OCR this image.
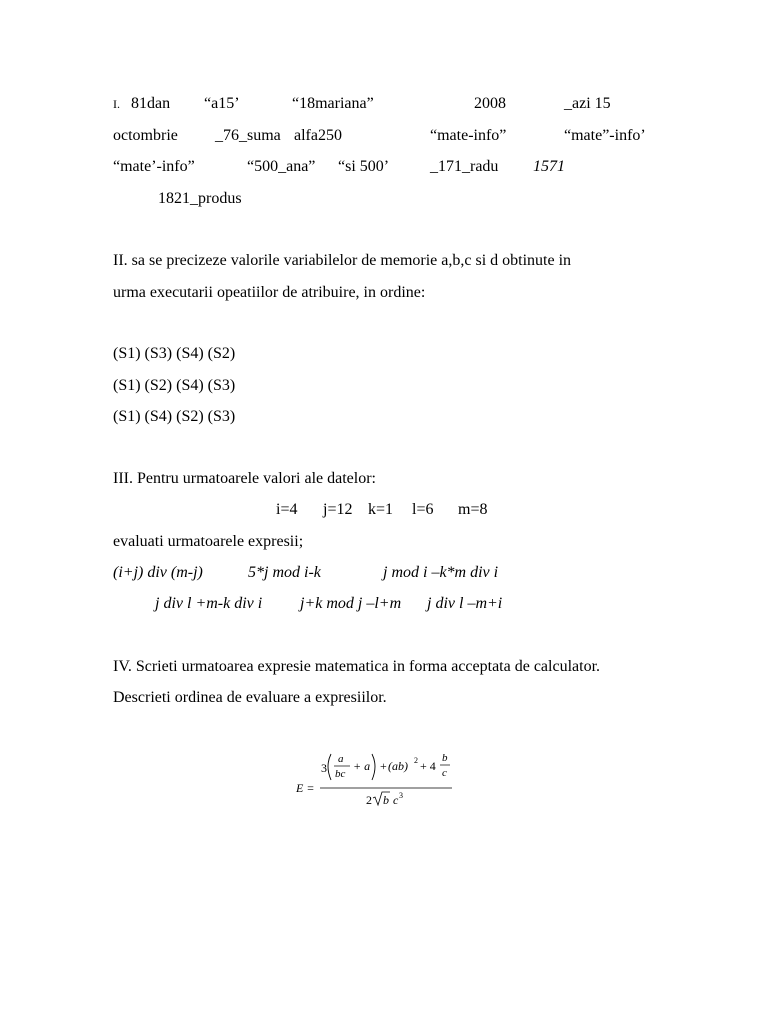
I. 81dan “a15’	“18mariana”	2008	_azi 15
octombrie _76_suma alfa250	“mate-info”	“mate”-info’
“mate’-info”	“500_ana” “si 500’	_171_radu 1571
1821_produs
II. sa se precizeze valorile variabilelor de memorie a,b,c si d obtinute in
urma executarii opeatiilor de atribuire, in ordine:
(S1) (S3) (S4) (S2)
(S1) (S2) (S4) (S3)
(S1) (S4) (S2) (S3)
III. Pentru urmatoarele valori ale datelor:
i=4 j=12 k=1 l=6 m=8
evaluati urmatoarele expresii;
(i+j) div (m-j)	5*j mod i-k	j mod i –k*m div i
j div l +m-k div i j+k mod j –l+m j div l –m+i
IV. Scrieti urmatoarea expresie matematica in forma acceptata de calculator.
Descrieti ordinea de evaluare a expresiilor.
E =
3
a
bc
+ a + (ab) 2 + 4
b
c
2 b c 3
